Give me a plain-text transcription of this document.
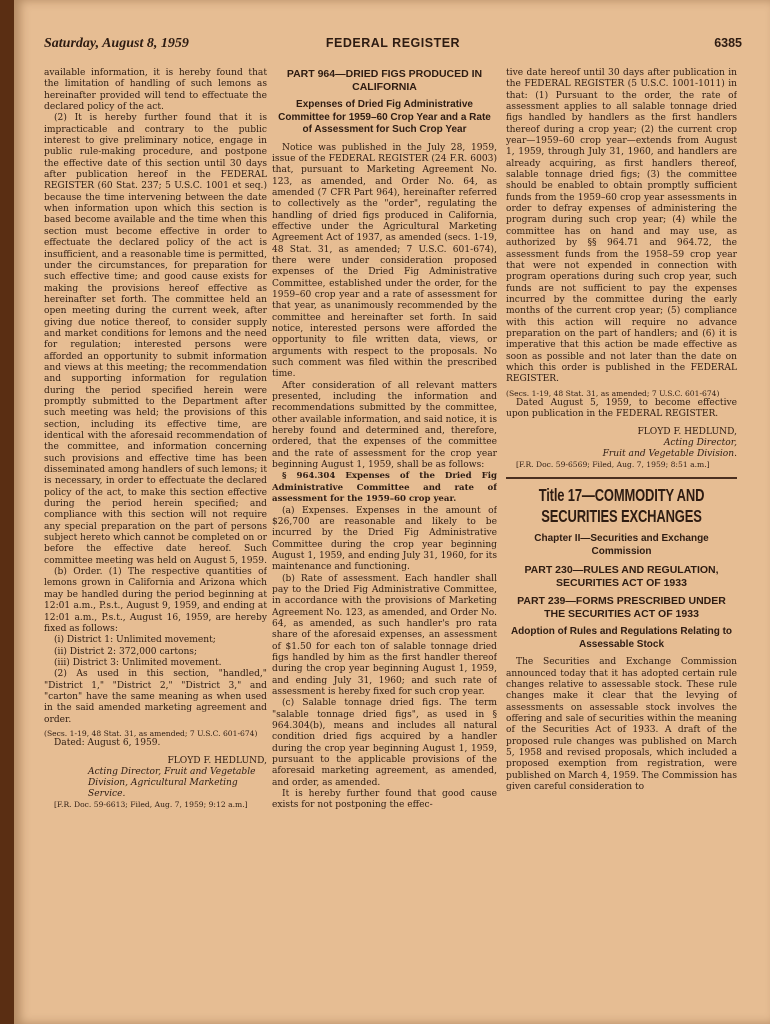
Saturday, August 8, 1959	FEDERAL REGISTER	6385

available information, it is hereby found that the limitation of handling of such lemons as hereinafter provided will tend to effectuate the declared policy of the act.

(2) It is hereby further found that it is impracticable and contrary to the public interest to give preliminary notice, engage in public rule-making procedure, and postpone the effective date of this section until 30 days after publication hereof in the FEDERAL REGISTER (60 Stat. 237; 5 U.S.C. 1001 et seq.) because the time intervening between the date when information upon which this section is based become available and the time when this section must become effective in order to effectuate the declared policy of the act is insufficient, and a reasonable time is permitted, under the circumstances, for preparation for such effective time; and good cause exists for making the provisions hereof effective as hereinafter set forth. The committee held an open meeting during the current week, after giving due notice thereof, to consider supply and market conditions for lemons and the need for regulation; interested persons were afforded an opportunity to submit information and views at this meeting; the recommendation and supporting information for regulation during the period specified herein were promptly submitted to the Department after such meeting was held; the provisions of this section, including its effective time, are identical with the aforesaid recommendation of the committee, and information concerning such provisions and effective time has been disseminated among handlers of such lemons; it is necessary, in order to effectuate the declared policy of the act, to make this section effective during the period herein specified; and compliance with this section will not require any special preparation on the part of persons subject hereto which cannot be completed on or before the effective date hereof. Such committee meeting was held on August 5, 1959.

(b) Order. (1) The respective quantities of lemons grown in California and Arizona which may be handled during the period beginning at 12:01 a.m., P.s.t., August 9, 1959, and ending at 12:01 a.m., P.s.t., August 16, 1959, are hereby fixed as follows:

(i) District 1: Unlimited movement;

(ii) District 2: 372,000 cartons;

(iii) District 3: Unlimited movement.

(2) As used in this section, "handled," "District 1," "District 2," "District 3," and "carton" have the same meaning as when used in the said amended marketing agreement and order.

(Secs. 1-19, 48 Stat. 31, as amended; 7 U.S.C. 601-674)

Dated: August 6, 1959.

FLOYD F. HEDLUND,
Acting Director, Fruit and Vegetable Division, Agricultural Marketing Service.

[F.R. Doc. 59-6613; Filed, Aug. 7, 1959; 9:12 a.m.]

PART 964—DRIED FIGS PRODUCED IN CALIFORNIA
Expenses of Dried Fig Administrative Committee for 1959–60 Crop Year and a Rate of Assessment for Such Crop Year

Notice was published in the July 28, 1959, issue of the FEDERAL REGISTER (24 F.R. 6003) that, pursuant to Marketing Agreement No. 123, as amended, and Order No. 64, as amended (7 CFR Part 964), hereinafter referred to collectively as the "order", regulating the handling of dried figs produced in California, effective under the Agricultural Marketing Agreement Act of 1937, as amended (secs. 1-19, 48 Stat. 31, as amended; 7 U.S.C. 601-674), there were under consideration proposed expenses of the Dried Fig Administrative Committee, established under the order, for the 1959–60 crop year and a rate of assessment for that year, as unanimously recommended by the committee and hereinafter set forth. In said notice, interested persons were afforded the opportunity to file written data, views, or arguments with respect to the proposals. No such comment was filed within the prescribed time.

After consideration of all relevant matters presented, including the information and recommendations submitted by the committee, other available information, and said notice, it is hereby found and determined and, therefore, ordered, that the expenses of the committee and the rate of assessment for the crop year beginning August 1, 1959, shall be as follows:

§ 964.304 Expenses of the Dried Fig Administrative Committee and rate of assessment for the 1959–60 crop year.

(a) Expenses. Expenses in the amount of $26,700 are reasonable and likely to be incurred by the Dried Fig Administrative Committee during the crop year beginning August 1, 1959, and ending July 31, 1960, for its maintenance and functioning.

(b) Rate of assessment. Each handler shall pay to the Dried Fig Administrative Committee, in accordance with the provisions of Marketing Agreement No. 123, as amended, and Order No. 64, as amended, as such handler's pro rata share of the aforesaid expenses, an assessment of $1.50 for each ton of salable tonnage dried figs handled by him as the first handler thereof during the crop year beginning August 1, 1959, and ending July 31, 1960; and such rate of assessment is hereby fixed for such crop year.

(c) Salable tonnage dried figs. The term "salable tonnage dried figs", as used in § 964.304(b), means and includes all natural condition dried figs acquired by a handler during the crop year beginning August 1, 1959, pursuant to the applicable provisions of the aforesaid marketing agreement, as amended, and order, as amended.

It is hereby further found that good cause exists for not postponing the effec-

tive date hereof until 30 days after publication in the FEDERAL REGISTER (5 U.S.C. 1001-1011) in that: (1) Pursuant to the order, the rate of assessment applies to all salable tonnage dried figs handled by handlers as the first handlers thereof during a crop year; (2) the current crop year—1959–60 crop year—extends from August 1, 1959, through July 31, 1960, and handlers are already acquiring, as first handlers thereof, salable tonnage dried figs; (3) the committee should be enabled to obtain promptly sufficient funds from the 1959–60 crop year assessments in order to defray expenses of administering the program during such crop year; (4) while the committee has on hand and may use, as authorized by §§ 964.71 and 964.72, the assessment funds from the 1958–59 crop year that were not expended in connection with program operations during such crop year, such funds are not sufficient to pay the expenses incurred by the committee during the early months of the current crop year; (5) compliance with this action will require no advance preparation on the part of handlers; and (6) it is imperative that this action be made effective as soon as possible and not later than the date on which this order is published in the FEDERAL REGISTER.

(Secs. 1-19, 48 Stat. 31, as amended; 7 U.S.C. 601-674)

Dated August 5, 1959, to become effective upon publication in the FEDERAL REGISTER.

FLOYD F. HEDLUND,
Acting Director,
Fruit and Vegetable Division.

[F.R. Doc. 59-6569; Filed, Aug. 7, 1959; 8:51 a.m.]

Title 17—COMMODITY AND SECURITIES EXCHANGES
Chapter II—Securities and Exchange Commission
PART 230—RULES AND REGULATION, SECURITIES ACT OF 1933
PART 239—FORMS PRESCRIBED UNDER THE SECURITIES ACT OF 1933
Adoption of Rules and Regulations Relating to Assessable Stock

The Securities and Exchange Commission announced today that it has adopted certain rule changes relative to assessable stock. These rule changes make it clear that the levying of assessments on assessable stock involves the offering and sale of securities within the meaning of the Securities Act of 1933. A draft of the proposed rule changes was published on March 5, 1958 and revised proposals, which included a proposed exemption from registration, were published on March 4, 1959. The Commission has given careful consideration to
